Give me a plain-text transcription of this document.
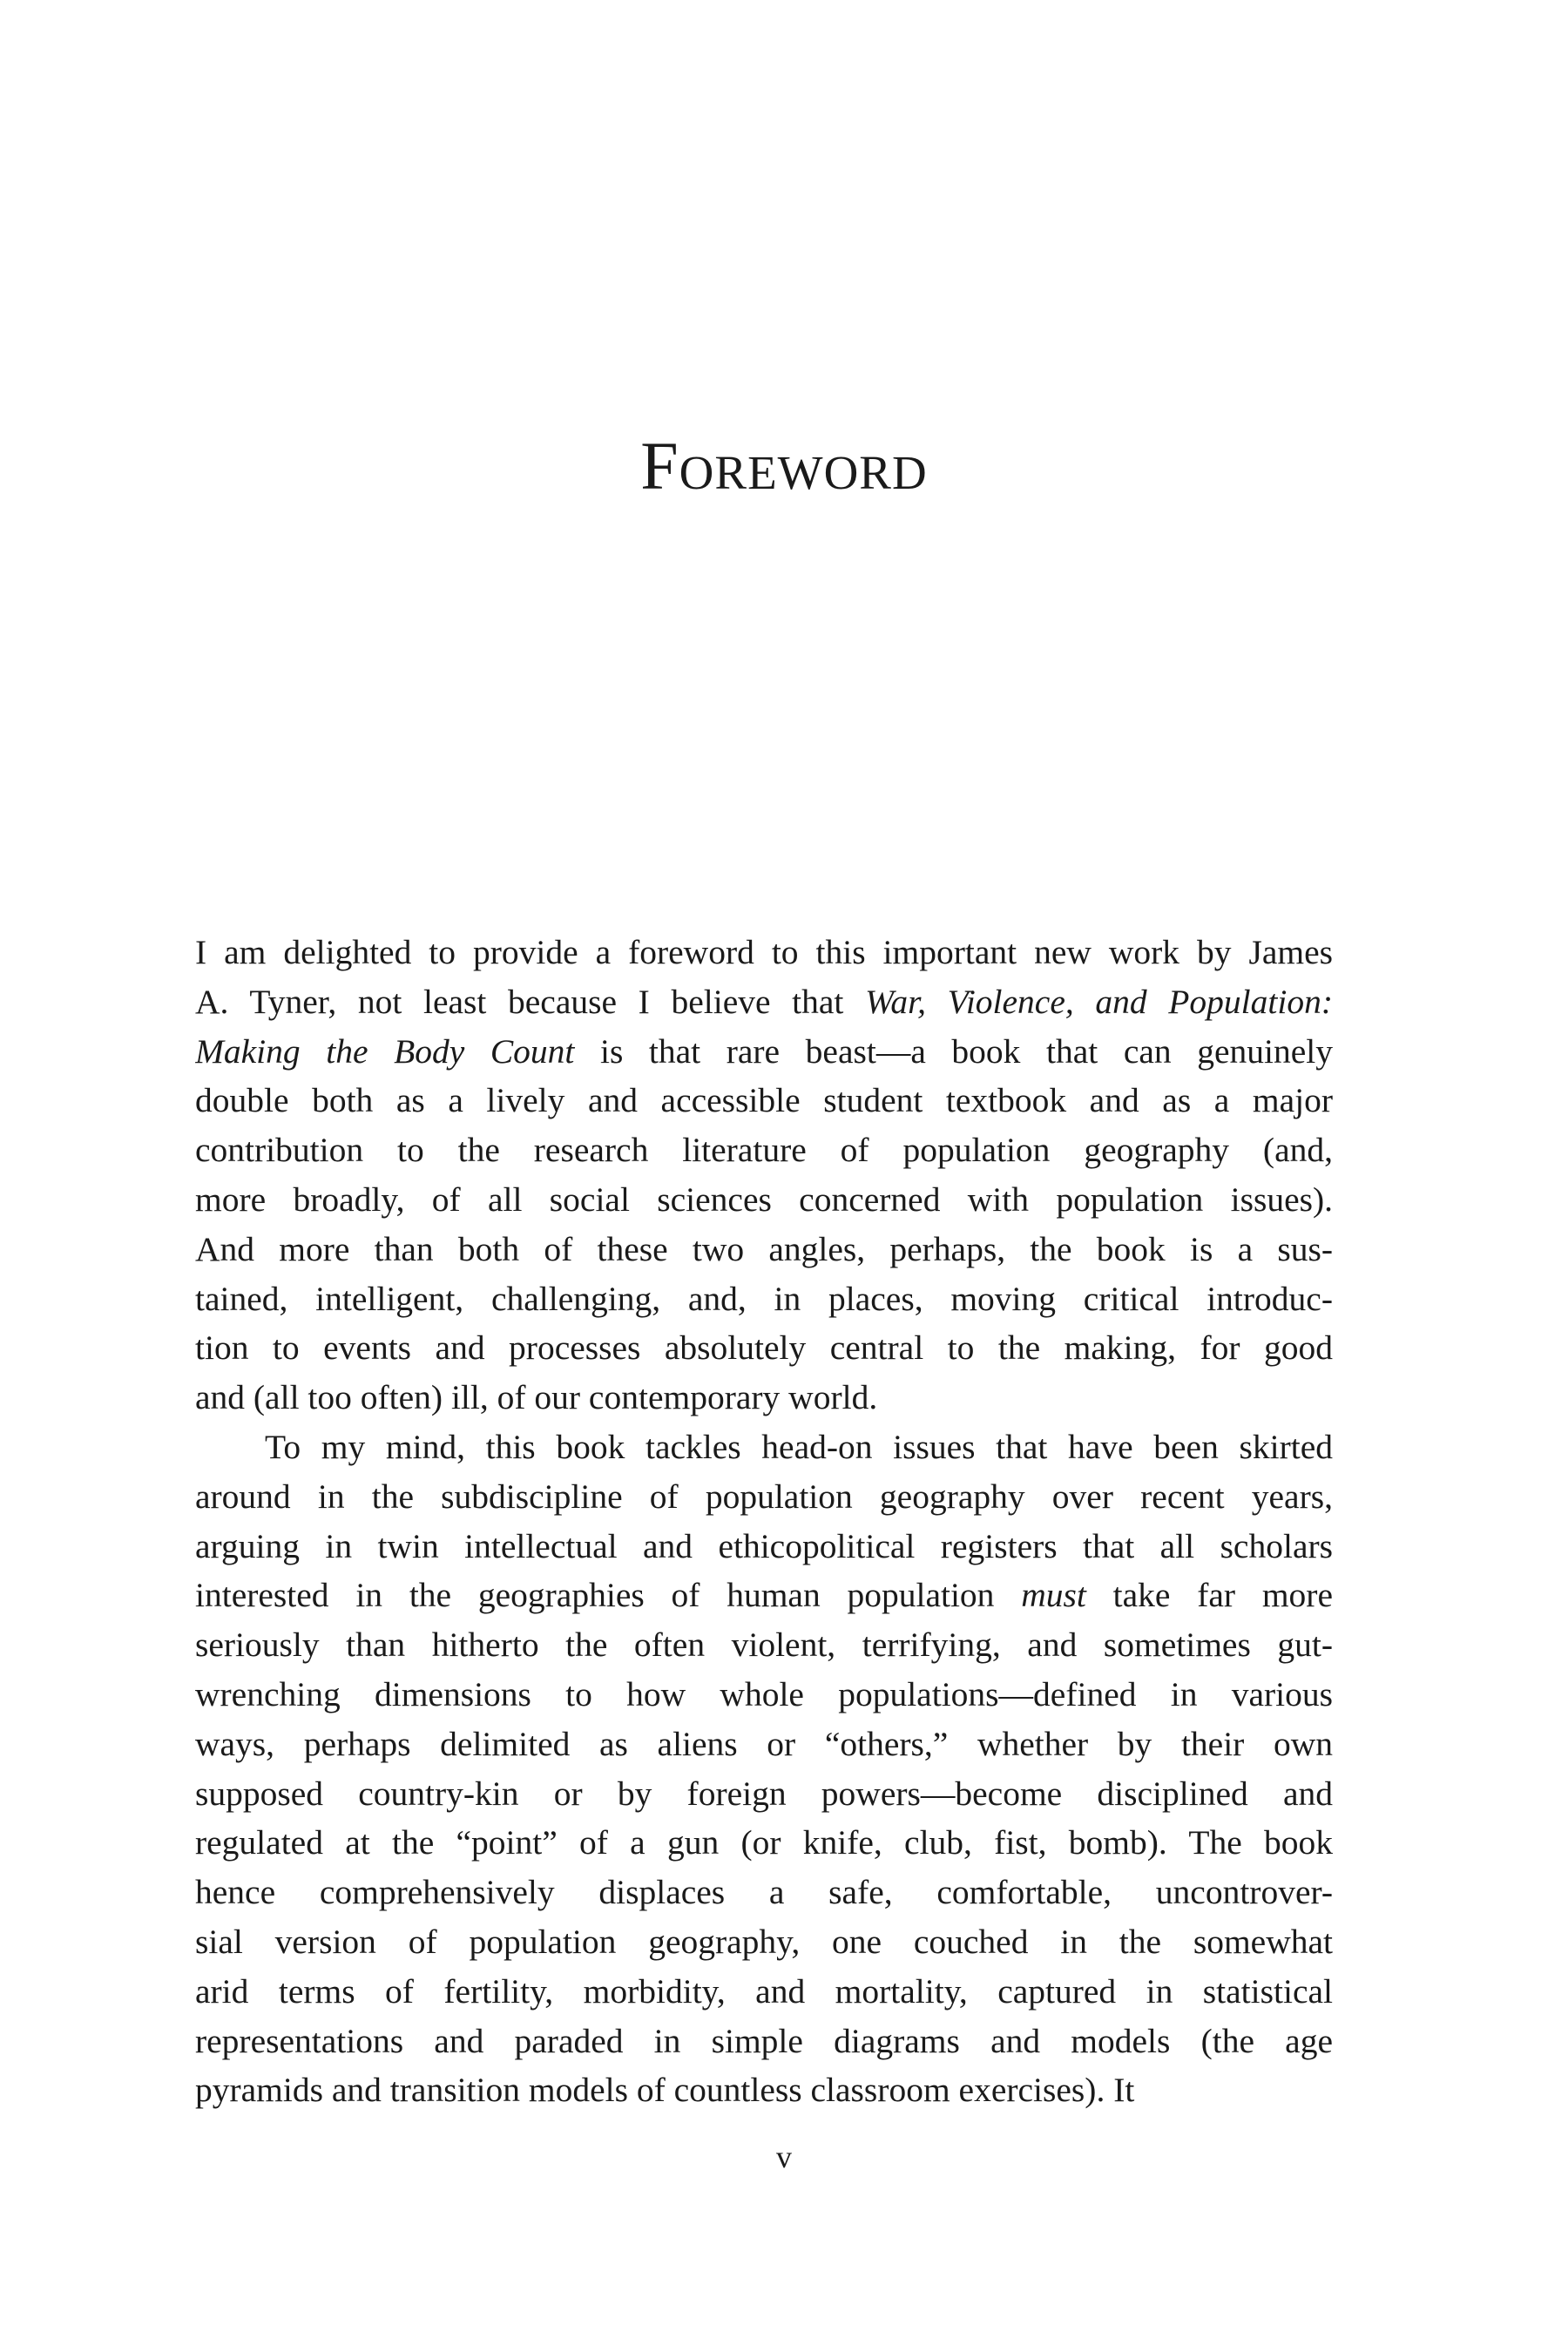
Foreword

I am delighted to provide a foreword to this important new work by James
A. Tyner, not least because I believe that War, Violence, and Population:
Making the Body Count is that rare beast—a book that can genuinely
double both as a lively and accessible student textbook and as a major
contribution to the research literature of population geography (and,
more broadly, of all social sciences concerned with population issues).
And more than both of these two angles, perhaps, the book is a sus-
tained, intelligent, challenging, and, in places, moving critical introduc-
tion to events and processes absolutely central to the making, for good
and (all too often) ill, of our contemporary world.

To my mind, this book tackles head-on issues that have been skirted
around in the subdiscipline of population geography over recent years,
arguing in twin intellectual and ethicopolitical registers that all scholars
interested in the geographies of human population must take far more
seriously than hitherto the often violent, terrifying, and sometimes gut-
wrenching dimensions to how whole populations—defined in various
ways, perhaps delimited as aliens or “others,” whether by their own
supposed country-kin or by foreign powers—become disciplined and
regulated at the “point” of a gun (or knife, club, fist, bomb). The book
hence comprehensively displaces a safe, comfortable, uncontrover-
sial version of population geography, one couched in the somewhat
arid terms of fertility, morbidity, and mortality, captured in statistical
representations and paraded in simple diagrams and models (the age
pyramids and transition models of countless classroom exercises). It

v
